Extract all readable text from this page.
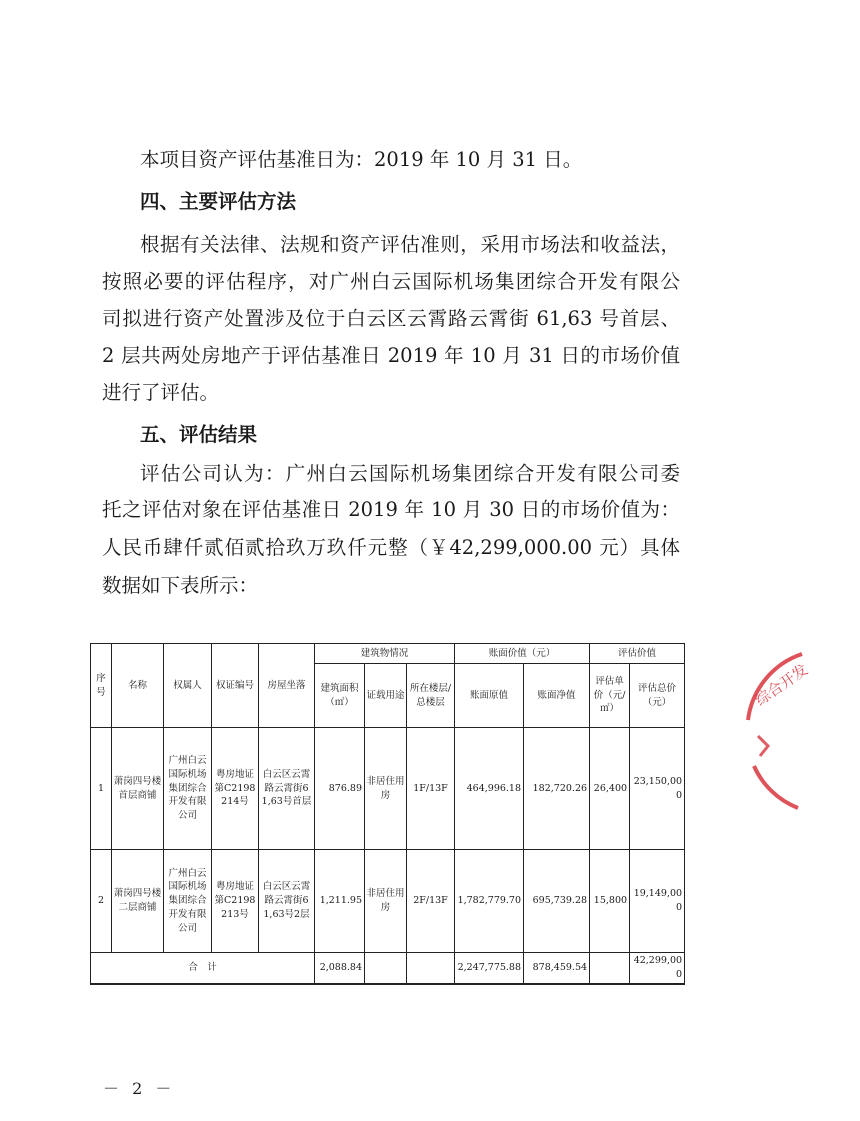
本项目资产评估基准日为：2019 年 10 月 31 日。
四、主要评估方法
根据有关法律、法规和资产评估准则，采用市场法和收益法，
按照必要的评估程序，对广州白云国际机场集团综合开发有限公
司拟进行资产处置涉及位于白云区云霄路云霄街 61,63 号首层、
2 层共两处房地产于评估基准日 2019 年 10 月 31 日的市场价值
进行了评估。
五、评估结果
评估公司认为：广州白云国际机场集团综合开发有限公司委
托之评估对象在评估基准日 2019 年 10 月 30 日的市场价值为：
人民币肆仟贰佰贰拾玖万玖仟元整（￥42,299,000.00 元）具体
数据如下表所示：
序号	名称	权属人	权证编号	房屋坐落	建筑物情况			账面价值（元）		评估价值	
					建筑面积（㎡）	证载用途	所在楼层/总楼层	账面原值	账面净值	评估单价（元/㎡）	评估总价（元）
1	萧岗四号楼首层商铺	广州白云国际机场集团综合开发有限公司	粤房地证第C2198214号	白云区云霄路云霄街61,63号首层	876.89	非居住用房	1F/13F	464,996.18	182,720.26	26,400	23,150,000
2	萧岗四号楼二层商铺	广州白云国际机场集团综合开发有限公司	粤房地证第C2198213号	白云区云霄路云霄街61,63号2层	1,211.95	非居住用房	2F/13F	1,782,779.70	695,739.28	15,800	19,149,000
合　计					2,088.84			2,247,775.88	878,459.54		42,299,000
综合开发
－ 2 －
